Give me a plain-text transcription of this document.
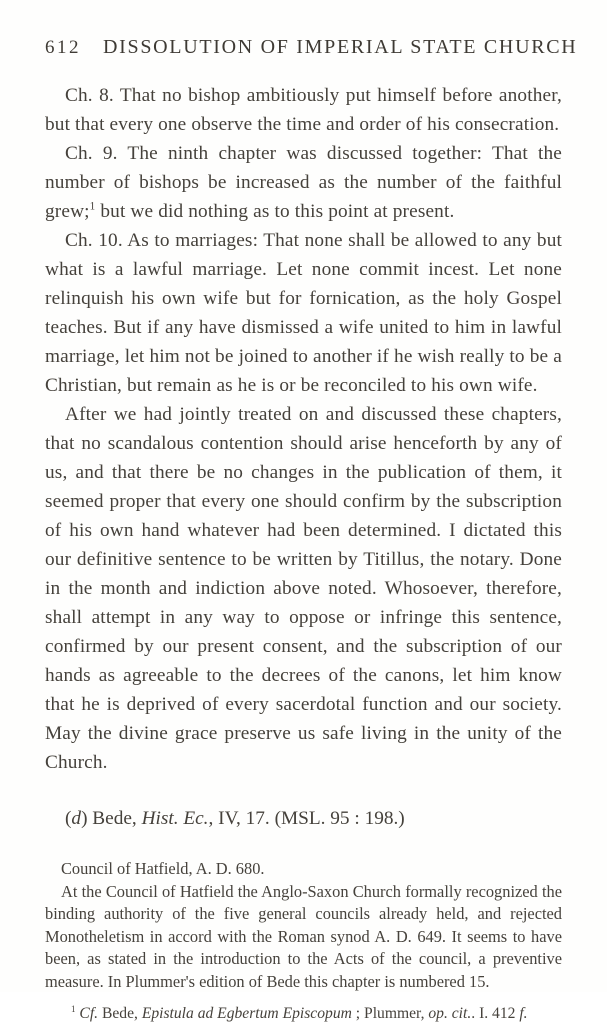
612 DISSOLUTION OF IMPERIAL STATE CHURCH

Ch. 8. That no bishop ambitiously put himself before another, but that every one observe the time and order of his consecration.

Ch. 9. The ninth chapter was discussed together: That the number of bishops be increased as the number of the faithful grew;$^1$ but we did nothing as to this point at present.

Ch. 10. As to marriages: That none shall be allowed to any but what is a lawful marriage. Let none commit incest. Let none relinquish his own wife but for fornication, as the holy Gospel teaches. But if any have dismissed a wife united to him in lawful marriage, let him not be joined to another if he wish really to be a Christian, but remain as he is or be reconciled to his own wife.

After we had jointly treated on and discussed these chapters, that no scandalous contention should arise henceforth by any of us, and that there be no changes in the publication of them, it seemed proper that every one should confirm by the subscription of his own hand whatever had been determined. I dictated this our definitive sentence to be written by Titillus, the notary. Done in the month and indiction above noted. Whosoever, therefore, shall attempt in any way to oppose or infringe this sentence, confirmed by our present consent, and the subscription of our hands as agreeable to the decrees of the canons, let him know that he is deprived of every sacerdotal function and our society. May the divine grace preserve us safe living in the unity of the Church.

(d) Bede, Hist. Ec., IV, 17. (MSL. 95 : 198.)

Council of Hatfield, A. D. 680.

At the Council of Hatfield the Anglo-Saxon Church formally recognized the binding authority of the five general councils already held, and rejected Monotheletism in accord with the Roman synod A. D. 649. It seems to have been, as stated in the introduction to the Acts of the council, a preventive measure. In Plummer's edition of Bede this chapter is numbered 15.

$^1$ Cf. Bede, Epistula ad Egbertum Episcopum ; Plummer, op. cit.. I. 412 f.
